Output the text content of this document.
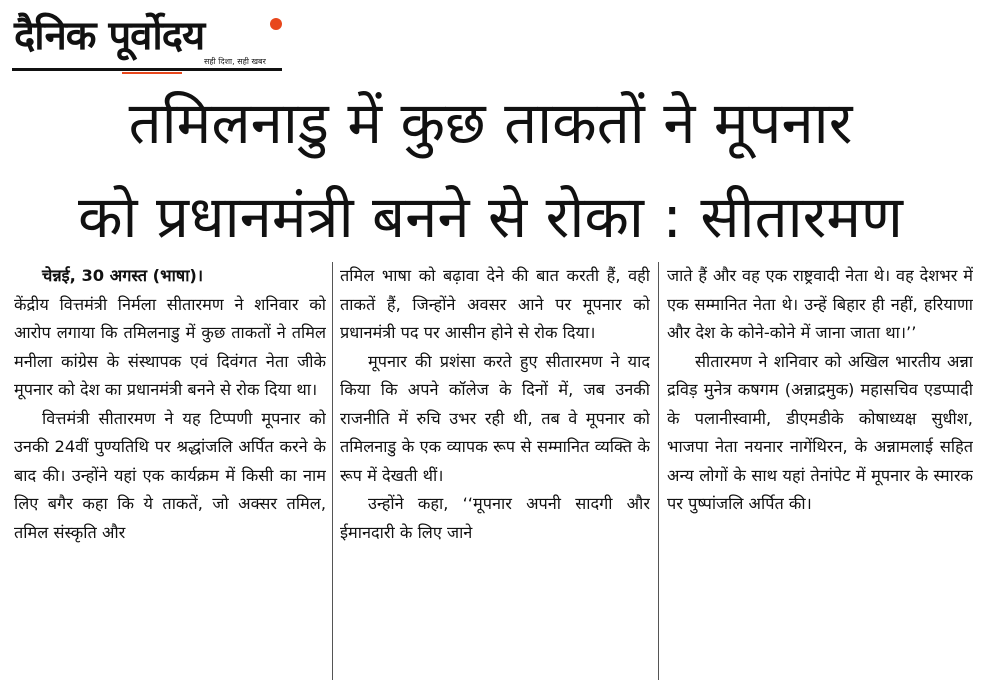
दैनिक पूर्वोदय
सही दिशा, सही खबर
तमिलनाडु में कुछ ताकतों ने मूपनार
को प्रधानमंत्री बनने से रोका : सीतारमण

चेन्नई, 30 अगस्त (भाषा)।

केंद्रीय वित्तमंत्री निर्मला सीतारमण ने शनिवार को आरोप लगाया कि तमिलनाडु में कुछ ताकतों ने तमिल मनीला कांग्रेस के संस्थापक एवं दिवंगत नेता जीके मूपनार को देश का प्रधानमंत्री बनने से रोक दिया था।

वित्तमंत्री सीतारमण ने यह टिप्पणी मूपनार को उनकी 24वीं पुण्यतिथि पर श्रद्धांजलि अर्पित करने के बाद की। उन्होंने यहां एक कार्यक्रम में किसी का नाम लिए बगैर कहा कि ये ताकतें, जो अक्सर तमिल, तमिल संस्कृति और

तमिल भाषा को बढ़ावा देने की बात करती हैं, वही ताकतें हैं, जिन्होंने अवसर आने पर मूपनार को प्रधानमंत्री पद पर आसीन होने से रोक दिया।

मूपनार की प्रशंसा करते हुए सीतारमण ने याद किया कि अपने कॉलेज के दिनों में, जब उनकी राजनीति में रुचि उभर रही थी, तब वे मूपनार को तमिलनाडु के एक व्यापक रूप से सम्मानित व्यक्ति के रूप में देखती थीं।

उन्होंने कहा, ‘‘मूपनार अपनी सादगी और ईमानदारी के लिए जाने

जाते हैं और वह एक राष्ट्रवादी नेता थे। वह देशभर में एक सम्मानित नेता थे। उन्हें बिहार ही नहीं, हरियाणा और देश के कोने-कोने में जाना जाता था।’’

सीतारमण ने शनिवार को अखिल भारतीय अन्ना द्रविड़ मुनेत्र कषगम (अन्नाद्रमुक) महासचिव एडप्पादी के पलानीस्वामी, डीएमडीके कोषाध्यक्ष सुधीश, भाजपा नेता नयनार नागेंथिरन, के अन्नामलाई सहित अन्य लोगों के साथ यहां तेनांपेट में मूपनार के स्मारक पर पुष्पांजलि अर्पित की।
